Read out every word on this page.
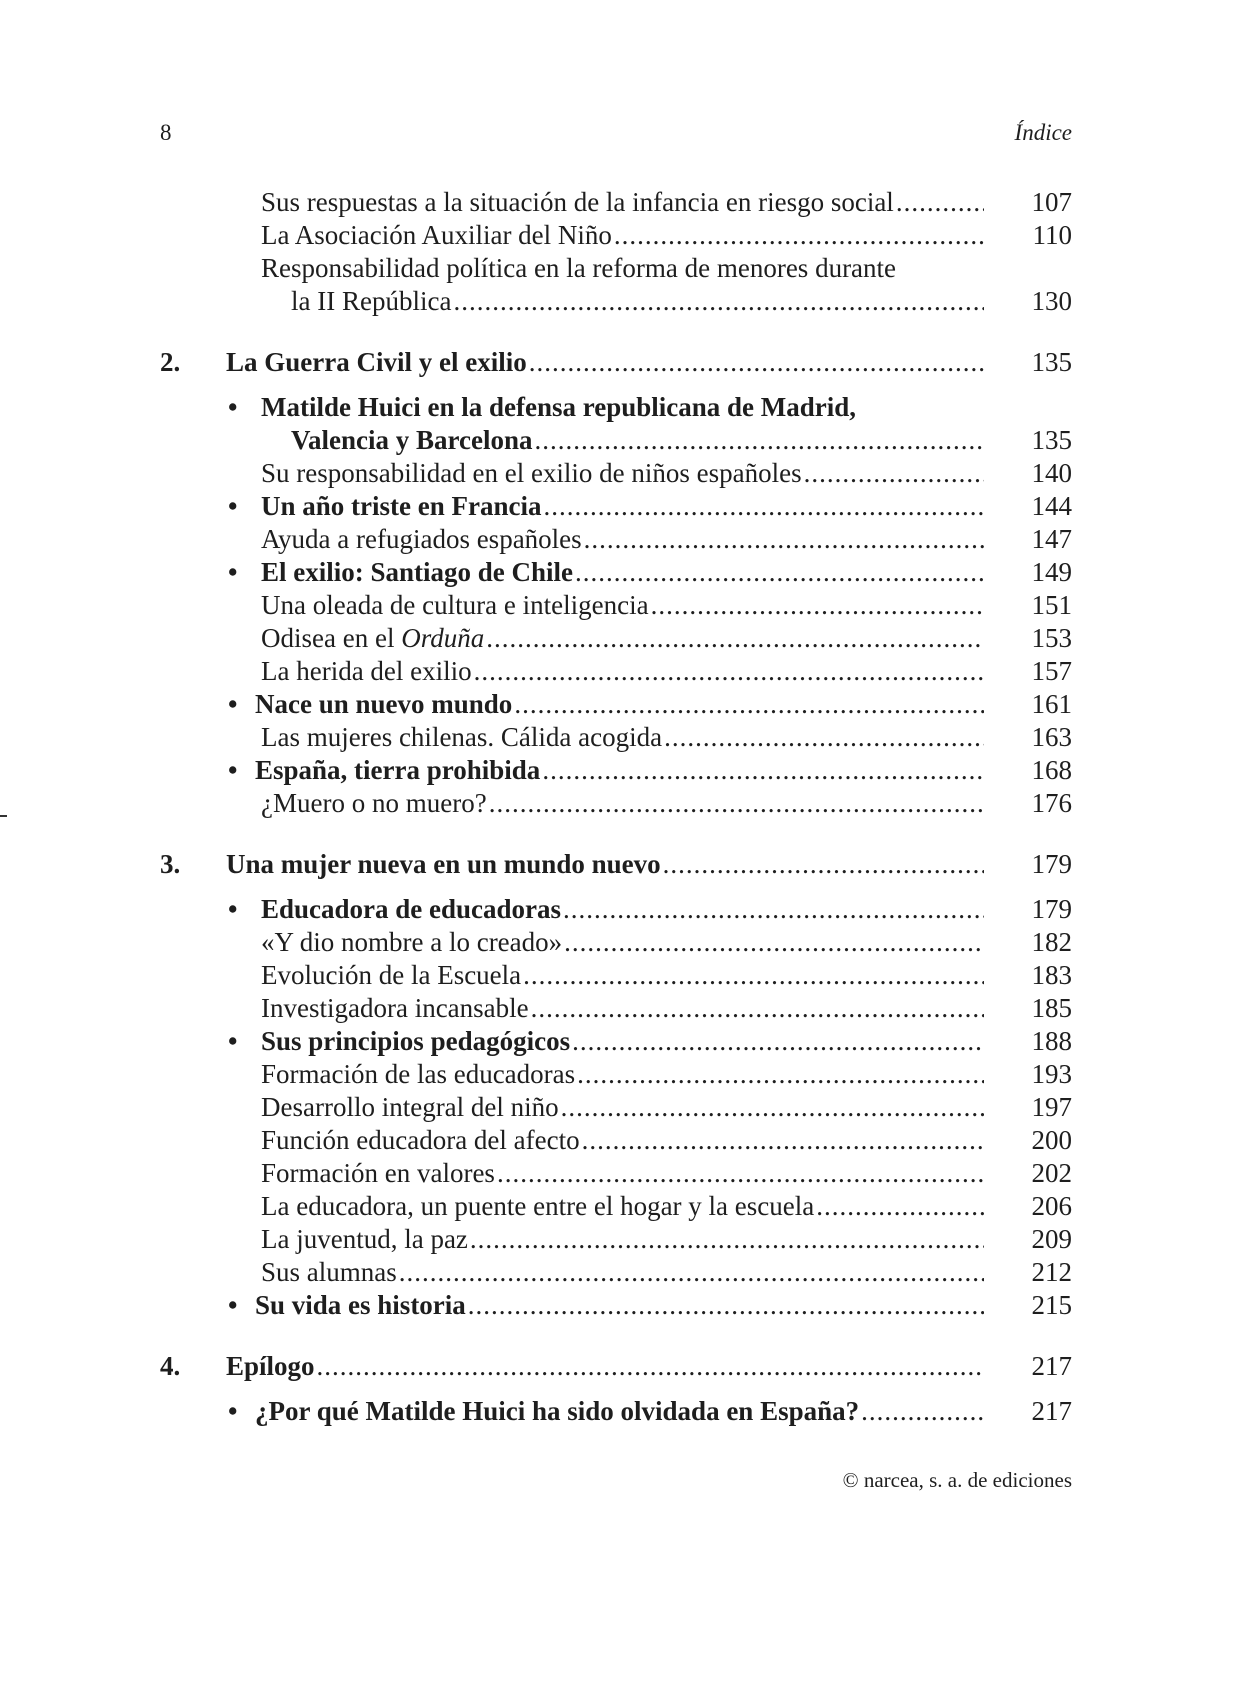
8	Índice
Sus respuestas a la situación de la infancia en riesgo social .....	107
La Asociación Auxiliar del Niño .....	110
Responsabilidad política en la reforma de menores durante
la II República .....	130
2.	La Guerra Civil y el exilio .....	135
• Matilde Huici en la defensa republicana de Madrid,
Valencia y Barcelona .....	135
Su responsabilidad en el exilio de niños españoles .....	140
• Un año triste en Francia .....	144
Ayuda a refugiados españoles .....	147
• El exilio: Santiago de Chile .....	149
Una oleada de cultura e inteligencia .....	151
Odisea en el Orduña .....	153
La herida del exilio .....	157
• Nace un nuevo mundo .....	161
Las mujeres chilenas. Cálida acogida .....	163
• España, tierra prohibida .....	168
¿Muero o no muero? .....	176
3.	Una mujer nueva en un mundo nuevo .....	179
• Educadora de educadoras .....	179
«Y dio nombre a lo creado» .....	182
Evolución de la Escuela .....	183
Investigadora incansable .....	185
• Sus principios pedagógicos .....	188
Formación de las educadoras .....	193
Desarrollo integral del niño .....	197
Función educadora del afecto .....	200
Formación en valores .....	202
La educadora, un puente entre el hogar y la escuela .....	206
La juventud, la paz .....	209
Sus alumnas .....	212
• Su vida es historia .....	215
4.	Epílogo .....	217
• ¿Por qué Matilde Huici ha sido olvidada en España? .....	217
© narcea, s. a. de ediciones
